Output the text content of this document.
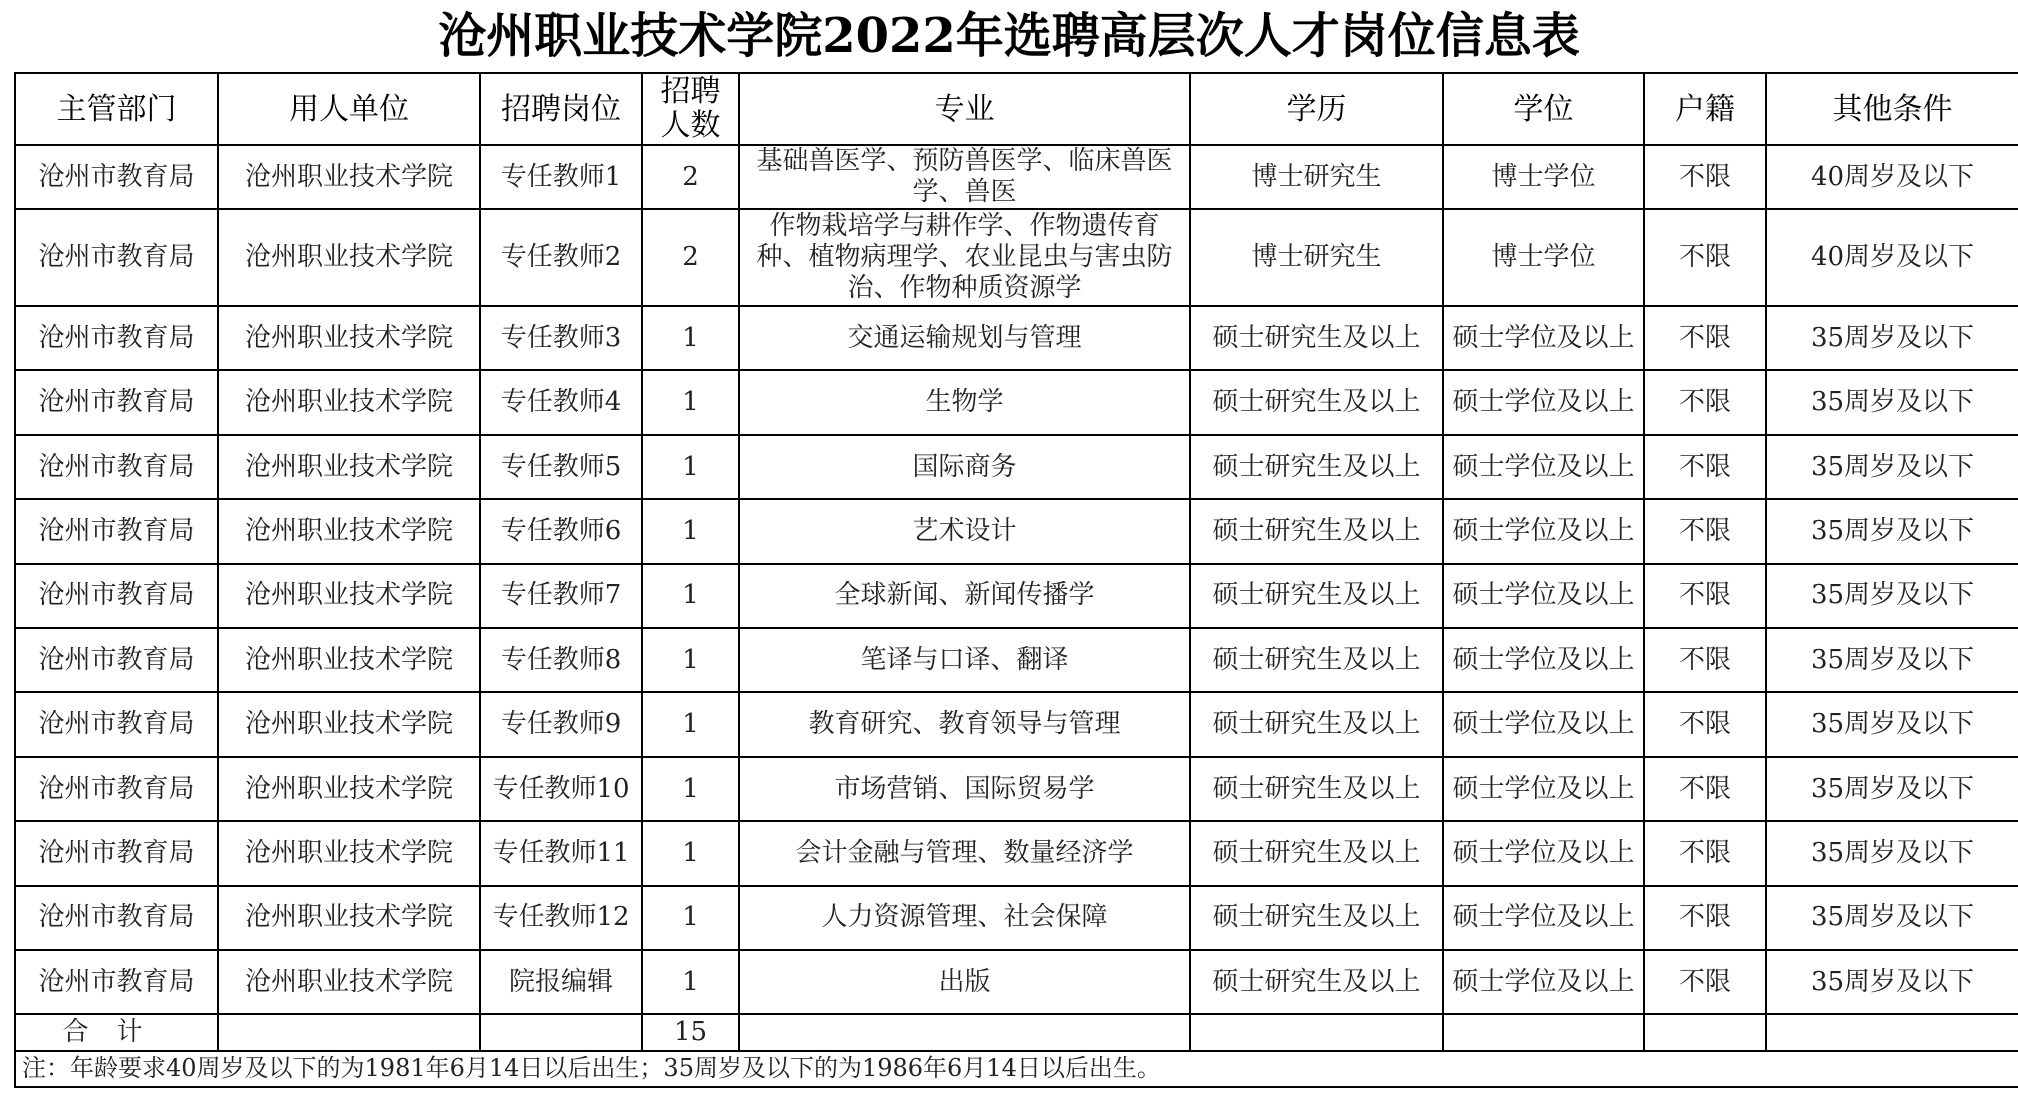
沧州职业技术学院2022年选聘高层次人才岗位信息表
主管部门	用人单位	招聘岗位	招聘人数	专业	学历	学位	户籍	其他条件
沧州市教育局	沧州职业技术学院	专任教师1	2	基础兽医学、预防兽医学、临床兽医学、兽医	博士研究生	博士学位	不限	40周岁及以下
沧州市教育局	沧州职业技术学院	专任教师2	2	作物栽培学与耕作学、作物遗传育种、植物病理学、农业昆虫与害虫防治、作物种质资源学	博士研究生	博士学位	不限	40周岁及以下
沧州市教育局	沧州职业技术学院	专任教师3	1	交通运输规划与管理	硕士研究生及以上	硕士学位及以上	不限	35周岁及以下
沧州市教育局	沧州职业技术学院	专任教师4	1	生物学	硕士研究生及以上	硕士学位及以上	不限	35周岁及以下
沧州市教育局	沧州职业技术学院	专任教师5	1	国际商务	硕士研究生及以上	硕士学位及以上	不限	35周岁及以下
沧州市教育局	沧州职业技术学院	专任教师6	1	艺术设计	硕士研究生及以上	硕士学位及以上	不限	35周岁及以下
沧州市教育局	沧州职业技术学院	专任教师7	1	全球新闻、新闻传播学	硕士研究生及以上	硕士学位及以上	不限	35周岁及以下
沧州市教育局	沧州职业技术学院	专任教师8	1	笔译与口译、翻译	硕士研究生及以上	硕士学位及以上	不限	35周岁及以下
沧州市教育局	沧州职业技术学院	专任教师9	1	教育研究、教育领导与管理	硕士研究生及以上	硕士学位及以上	不限	35周岁及以下
沧州市教育局	沧州职业技术学院	专任教师10	1	市场营销、国际贸易学	硕士研究生及以上	硕士学位及以上	不限	35周岁及以下
沧州市教育局	沧州职业技术学院	专任教师11	1	会计金融与管理、数量经济学	硕士研究生及以上	硕士学位及以上	不限	35周岁及以下
沧州市教育局	沧州职业技术学院	专任教师12	1	人力资源管理、社会保障	硕士研究生及以上	硕士学位及以上	不限	35周岁及以下
沧州市教育局	沧州职业技术学院	院报编辑	1	出版	硕士研究生及以上	硕士学位及以上	不限	35周岁及以下
合计			15					
注：年龄要求40周岁及以下的为1981年6月14日以后出生；35周岁及以下的为1986年6月14日以后出生。								
